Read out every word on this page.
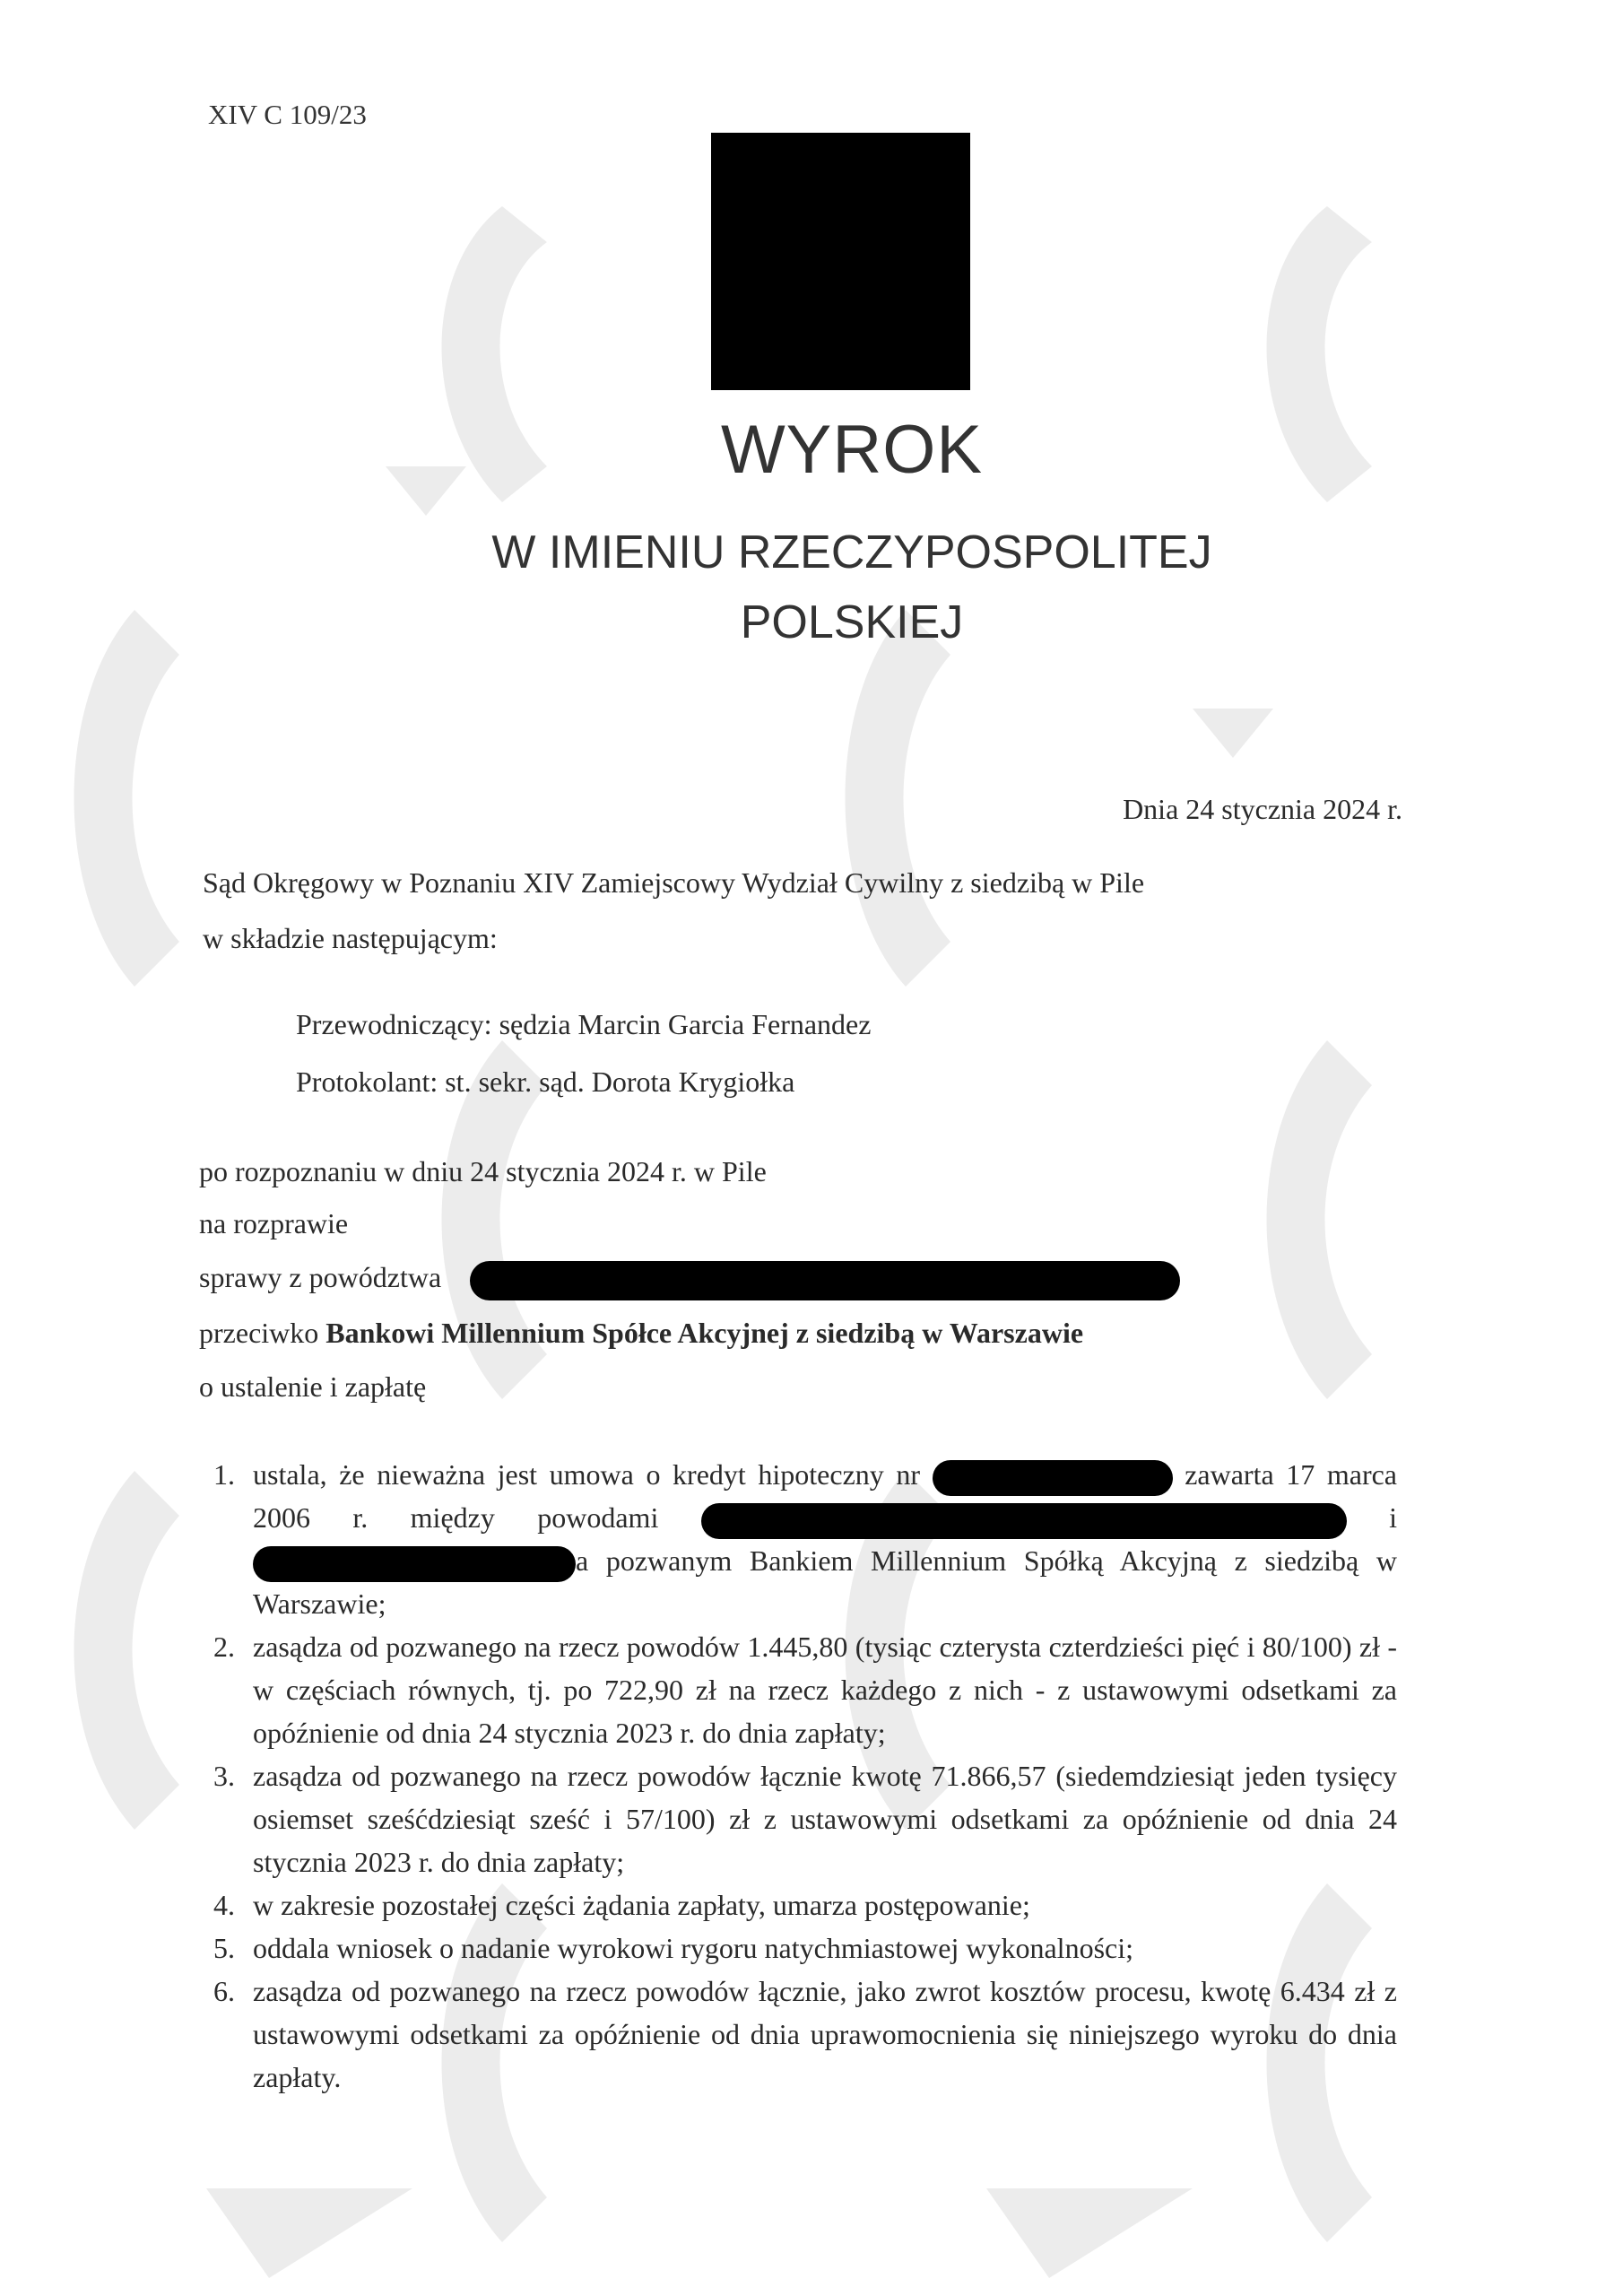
XIV C 109/23
WYROK
W IMIENIU RZECZYPOSPOLITEJ
POLSKIEJ
Dnia 24 stycznia 2024 r.
Sąd Okręgowy w Poznaniu XIV Zamiejscowy Wydział Cywilny z siedzibą w Pile
w składzie następującym:
Przewodniczący: sędzia Marcin Garcia Fernandez
Protokolant: st. sekr. sąd. Dorota Krygiołka
po rozpoznaniu w dniu 24 stycznia 2024 r. w Pile
na rozprawie
sprawy z powództwa
przeciwko Bankowi Millennium Spółce Akcyjnej z siedzibą w Warszawie
o ustalenie i zapłatę
1. ustala, że nieważna jest umowa o kredyt hipoteczny nr	zawarta 17 marca 2006 r. między powodami	i a pozwanym Bankiem Millennium Spółką Akcyjną z siedzibą w Warszawie;
2. zasądza od pozwanego na rzecz powodów 1.445,80 (tysiąc czterysta czterdzieści pięć i 80/100) zł - w częściach równych, tj. po 722,90 zł na rzecz każdego z nich - z ustawowymi odsetkami za opóźnienie od dnia 24 stycznia 2023 r. do dnia zapłaty;
3. zasądza od pozwanego na rzecz powodów łącznie kwotę 71.866,57 (siedemdziesiąt jeden tysięcy osiemset sześćdziesiąt sześć i 57/100) zł z ustawowymi odsetkami za opóźnienie od dnia 24 stycznia 2023 r. do dnia zapłaty;
4. w zakresie pozostałej części żądania zapłaty, umarza postępowanie;
5. oddala wniosek o nadanie wyrokowi rygoru natychmiastowej wykonalności;
6. zasądza od pozwanego na rzecz powodów łącznie, jako zwrot kosztów procesu, kwotę 6.434 zł z ustawowymi odsetkami za opóźnienie od dnia uprawomocnienia się niniejszego wyroku do dnia zapłaty.
